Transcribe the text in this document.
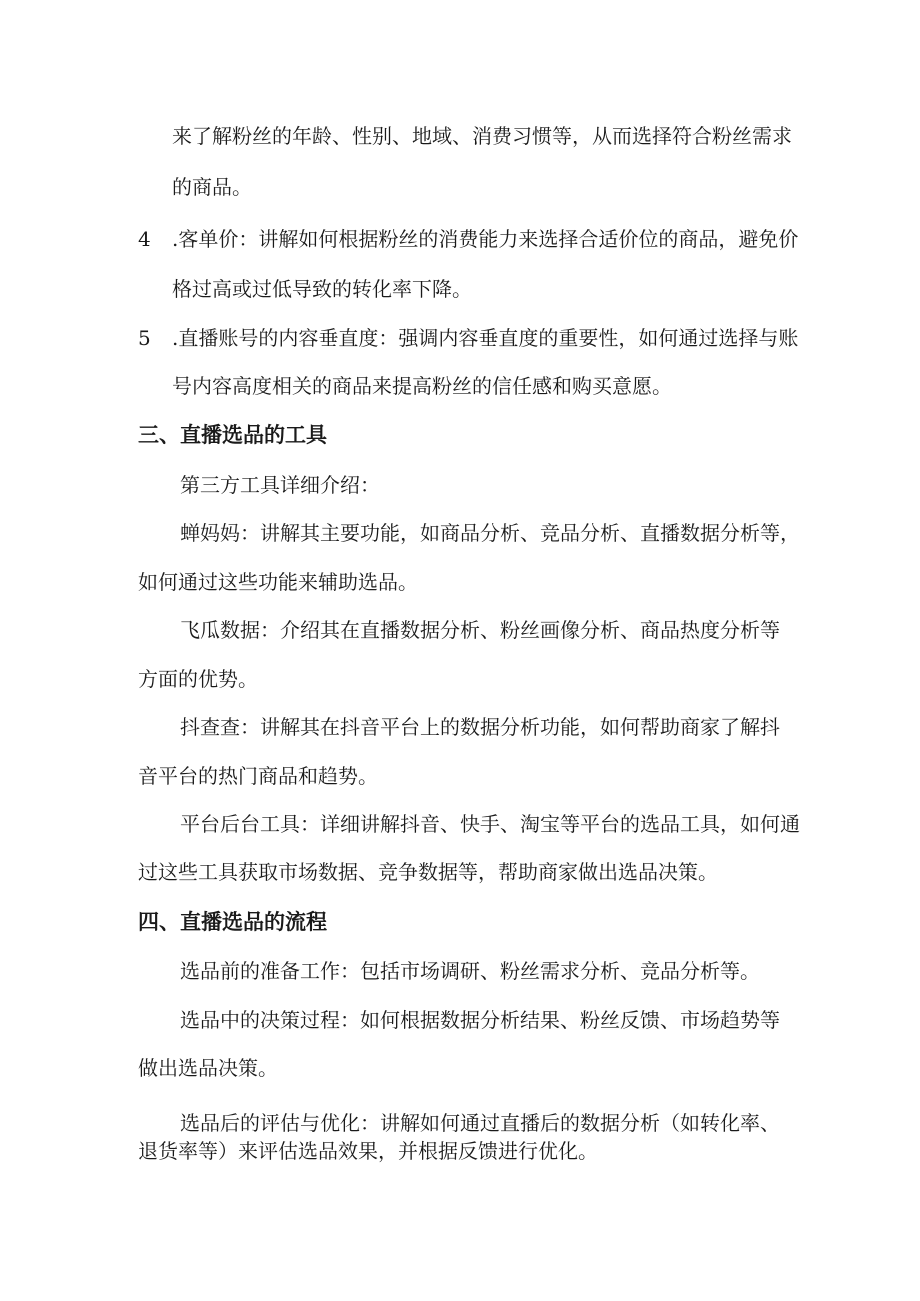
来了解粉丝的年龄、性别、地域、消费习惯等，从而选择符合粉丝需求

的商品。

4 .客单价：讲解如何根据粉丝的消费能力来选择合适价位的商品，避免价

格过高或过低导致的转化率下降。

5 .直播账号的内容垂直度：强调内容垂直度的重要性，如何通过选择与账

号内容高度相关的商品来提高粉丝的信任感和购买意愿。

三、直播选品的工具

第三方工具详细介绍：

蝉妈妈：讲解其主要功能，如商品分析、竞品分析、直播数据分析等，

如何通过这些功能来辅助选品。

飞瓜数据：介绍其在直播数据分析、粉丝画像分析、商品热度分析等

方面的优势。

抖查查：讲解其在抖音平台上的数据分析功能，如何帮助商家了解抖

音平台的热门商品和趋势。

平台后台工具：详细讲解抖音、快手、淘宝等平台的选品工具，如何通

过这些工具获取市场数据、竞争数据等，帮助商家做出选品决策。

四、直播选品的流程

选品前的准备工作：包括市场调研、粉丝需求分析、竞品分析等。

选品中的决策过程：如何根据数据分析结果、粉丝反馈、市场趋势等

做出选品决策。

选品后的评估与优化：讲解如何通过直播后的数据分析（如转化率、

退货率等）来评估选品效果，并根据反馈进行优化。
